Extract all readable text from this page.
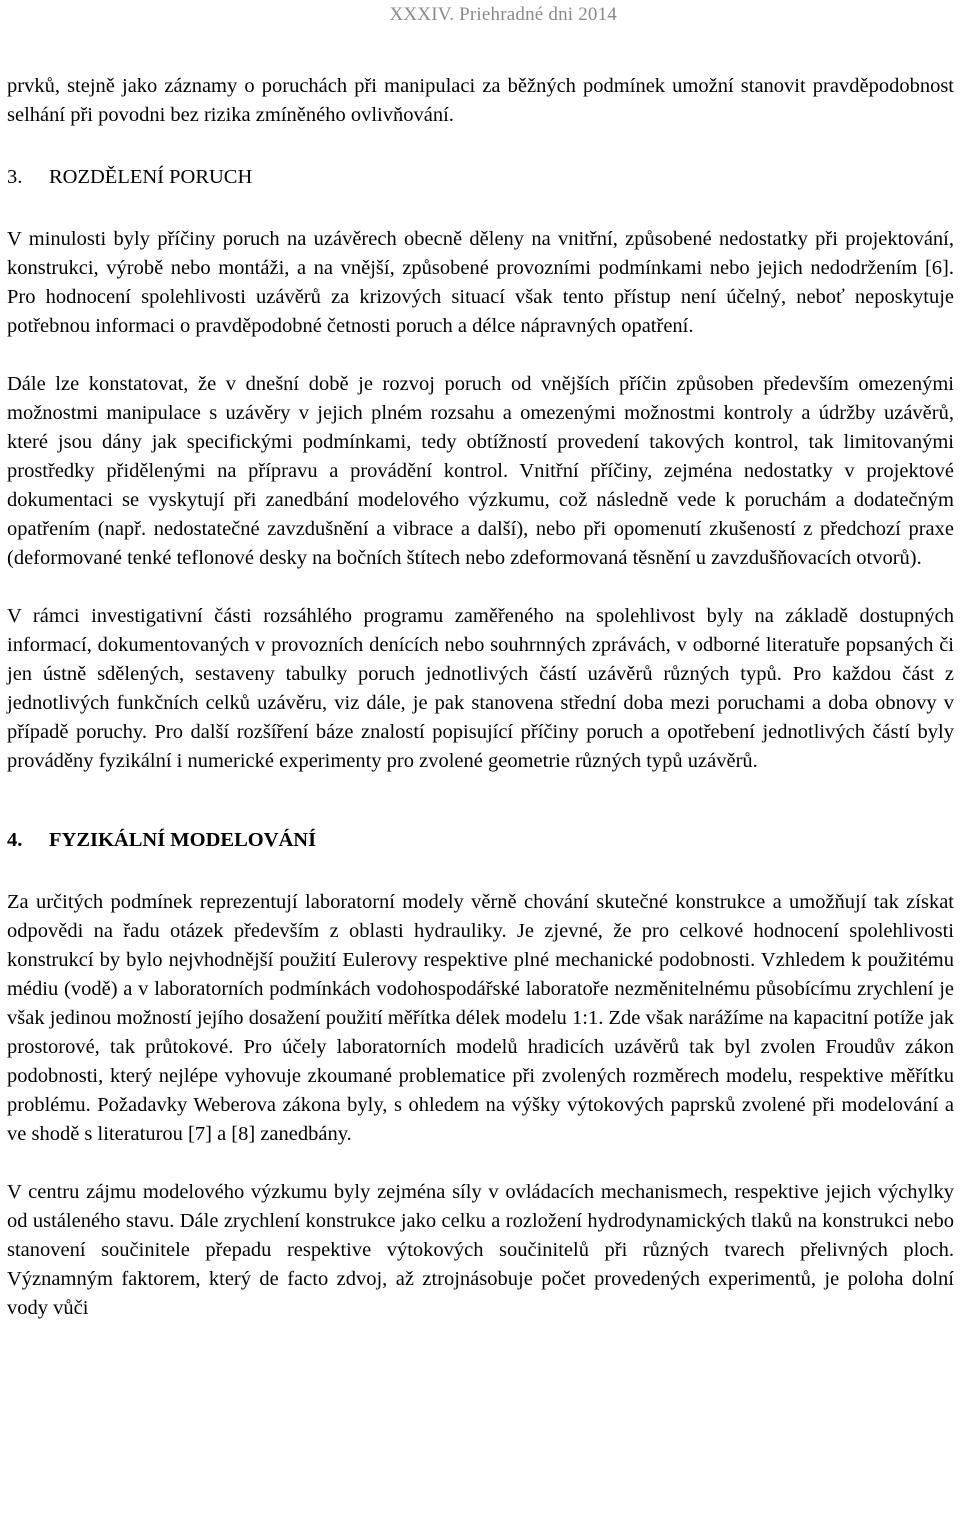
XXXIV. Priehradné dni 2014

prvků, stejně jako záznamy o poruchách při manipulaci za běžných podmínek umožní stanovit pravděpodobnost selhání při povodni bez rizika zmíněného ovlivňování.

3.	ROZDĚLENÍ PORUCH

V minulosti byly příčiny poruch na uzávěrech obecně děleny na vnitřní, způsobené nedostatky při projektování, konstrukci, výrobě nebo montáži, a na vnější, způsobené provozními podmínkami nebo jejich nedodržením [6]. Pro hodnocení spolehlivosti uzávěrů za krizových situací však tento přístup není účelný, neboť neposkytuje potřebnou informaci o pravděpodobné četnosti poruch a délce nápravných opatření.

Dále lze konstatovat, že v dnešní době je rozvoj poruch od vnějších příčin způsoben především omezenými možnostmi manipulace s uzávěry v jejich plném rozsahu a omezenými možnostmi kontroly a údržby uzávěrů, které jsou dány jak specifickými podmínkami, tedy obtížností provedení takových kontrol, tak limitovanými prostředky přidělenými na přípravu a provádění kontrol. Vnitřní příčiny, zejména nedostatky v projektové dokumentaci se vyskytují při zanedbání modelového výzkumu, což následně vede k poruchám a dodatečným opatřením (např. nedostatečné zavzdušnění a vibrace a další), nebo při opomenutí zkušeností z předchozí praxe (deformované tenké teflonové desky na bočních štítech nebo zdeformovaná těsnění u zavzdušňovacích otvorů).

V rámci investigativní části rozsáhlého programu zaměřeného na spolehlivost byly na základě dostupných informací, dokumentovaných v provozních denících nebo souhrnných zprávách, v odborné literatuře popsaných či jen ústně sdělených, sestaveny tabulky poruch jednotlivých částí uzávěrů různých typů. Pro každou část z jednotlivých funkčních celků uzávěru, viz dále, je pak stanovena střední doba mezi poruchami a doba obnovy v případě poruchy. Pro další rozšíření báze znalostí popisující příčiny poruch a opotřebení jednotlivých částí byly prováděny fyzikální i numerické experimenty pro zvolené geometrie různých typů uzávěrů.

4.	FYZIKÁLNÍ MODELOVÁNÍ

Za určitých podmínek reprezentují laboratorní modely věrně chování skutečné konstrukce a umožňují tak získat odpovědi na řadu otázek především z oblasti hydrauliky. Je zjevné, že pro celkové hodnocení spolehlivosti konstrukcí by bylo nejvhodnější použití Eulerovy respektive plné mechanické podobnosti. Vzhledem k použitému médiu (vodě) a v laboratorních podmínkách vodohospodářské laboratoře nezměnitelnému působícímu zrychlení je však jedinou možností jejího dosažení použití měřítka délek modelu 1:1. Zde však narážíme na kapacitní potíže jak prostorové, tak průtokové. Pro účely laboratorních modelů hradicích uzávěrů tak byl zvolen Froudův zákon podobnosti, který nejlépe vyhovuje zkoumané problematice při zvolených rozměrech modelu, respektive měřítku problému. Požadavky Weberova zákona byly, s ohledem na výšky výtokových paprsků zvolené při modelování a ve shodě s literaturou [7] a [8] zanedbány.

V centru zájmu modelového výzkumu byly zejména síly v ovládacích mechanismech, respektive jejich výchylky od ustáleného stavu. Dále zrychlení konstrukce jako celku a rozložení hydrodynamických tlaků na konstrukci nebo stanovení součinitele přepadu respektive výtokových součinitelů při různých tvarech přelivných ploch. Významným faktorem, který de facto zdvoj, až ztrojnásobuje počet provedených experimentů, je poloha dolní vody vůči
